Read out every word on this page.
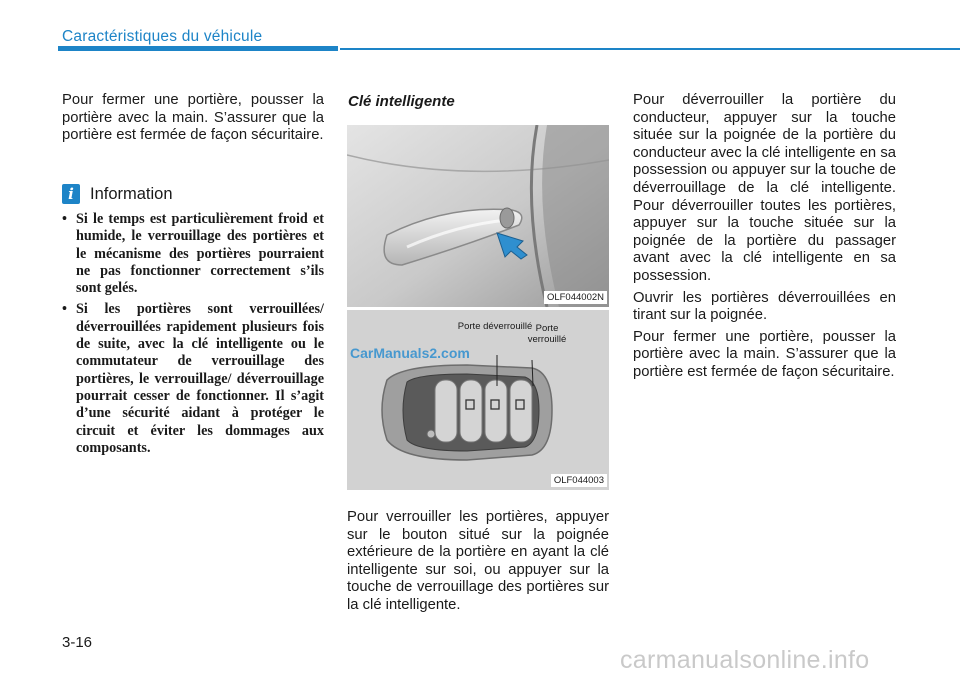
Caractéristiques du véhicule

Pour fermer une portière, pousser la portière avec la main. S’assurer que la portière est fermée de façon sécuritaire.

i Information
• Si le temps est particulièrement froid et humide, le verrouillage des portières et le mécanisme des portières pourraient ne pas fonctionner correctement s’ils sont gelés.
• Si les portières sont verrouillées/ déverrouillées rapidement plusieurs fois de suite, avec la clé intelligente ou le commutateur de verrouillage des portières, le verrouillage/ déverrouillage pourrait cesser de fonctionner. Il s’agit d’une sécurité aidant à protéger le circuit et éviter les dommages aux composants.
Clé intelligente
OLF044002N
Porte déverrouillé Porte verrouillé
OLF044003
CarManuals2.com

Pour verrouiller les portières, appuyer sur le bouton situé sur la poignée extérieure de la portière en ayant la clé intelligente sur soi, ou appuyer sur la touche de verrouillage des portières sur la clé intelligente.

Pour déverrouiller la portière du conducteur, appuyer sur la touche située sur la poignée de la portière du conducteur avec la clé intelligente en sa possession ou appuyer sur la touche de déverrouillage de la clé intelligente. Pour déverrouiller toutes les portières, appuyer sur la touche située sur la poignée de la portière du passager avant avec la clé intelligente en sa possession.

Ouvrir les portières déverrouillées en tirant sur la poignée.

Pour fermer une portière, pousser la portière avec la main. S’assurer que la portière est fermée de façon sécuritaire.

3-16
carmanualsonline.info
